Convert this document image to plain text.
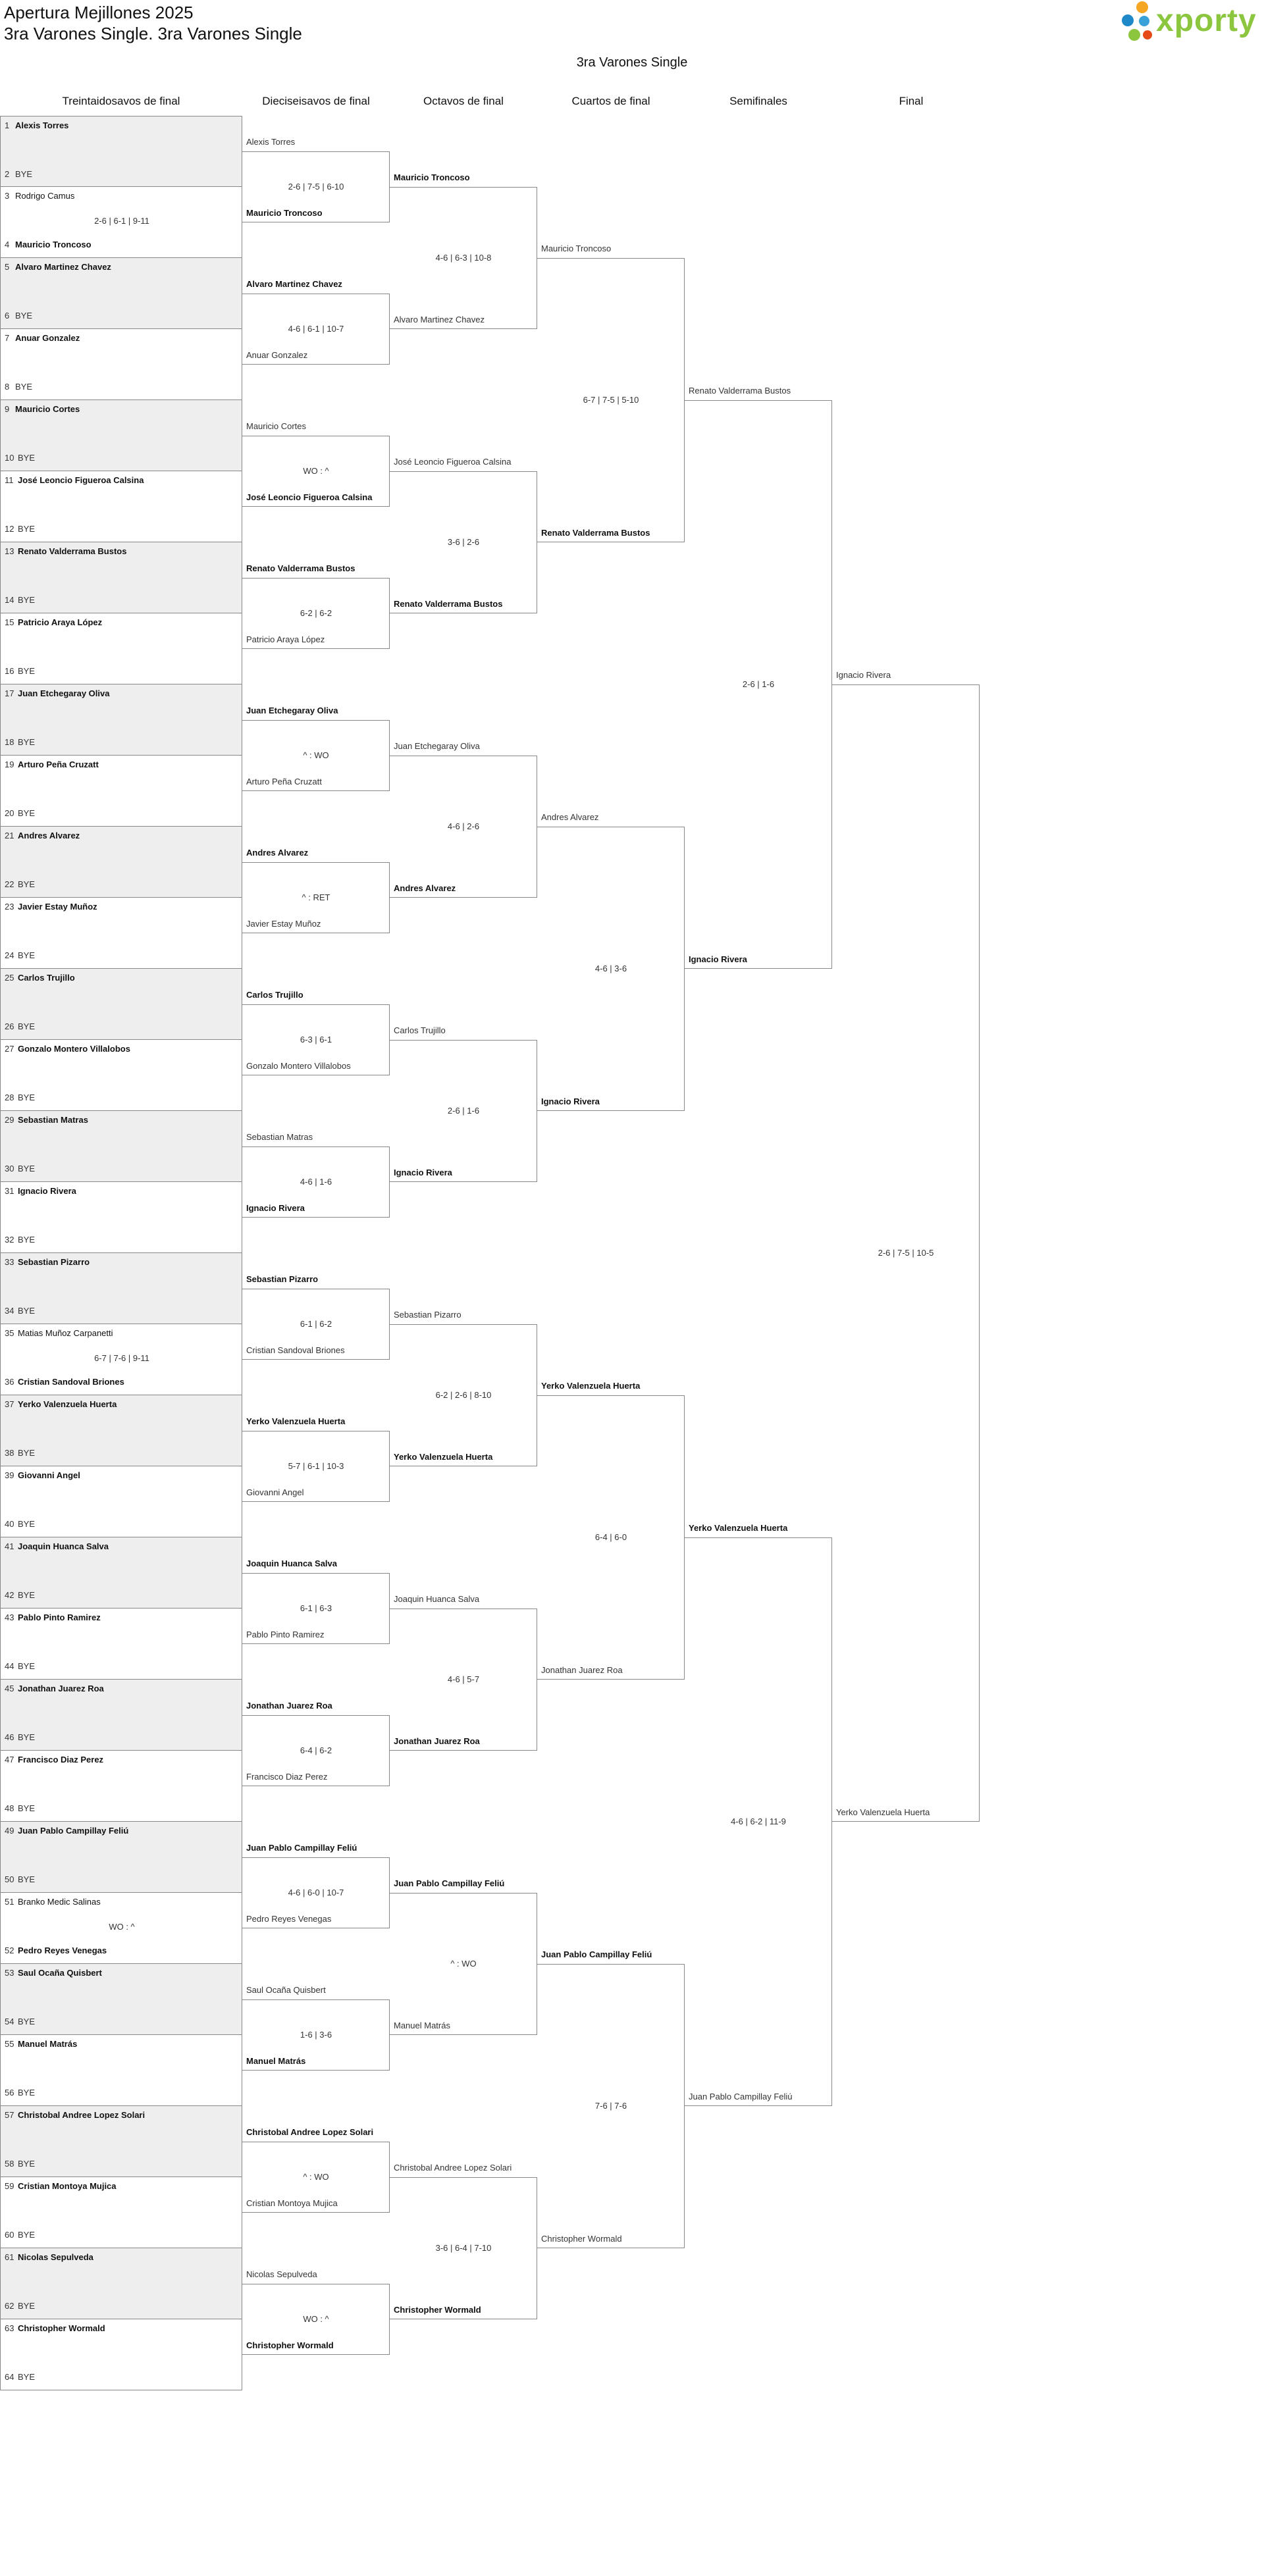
Apertura Mejillones 2025
3ra Varones Single. 3ra Varones Single	xporty
3ra Varones Single
Treintaidosavos de final	Dieciseisavos de final	Octavos de final	Cuartos de final	Semifinales	Final
1 Alexis Torres
2 BYE
3 Rodrigo Camus
4 Mauricio Troncoso
2-6 | 6-1 | 9-11
5 Alvaro Martinez Chavez
6 BYE
7 Anuar Gonzalez
8 BYE
9 Mauricio Cortes
10 BYE
11 José Leoncio Figueroa Calsina
12 BYE
13 Renato Valderrama Bustos
14 BYE
15 Patricio Araya López
16 BYE
17 Juan Etchegaray Oliva
18 BYE
19 Arturo Peña Cruzatt
20 BYE
21 Andres Alvarez
22 BYE
23 Javier Estay Muñoz
24 BYE
25 Carlos Trujillo
26 BYE
27 Gonzalo Montero Villalobos
28 BYE
29 Sebastian Matras
30 BYE
31 Ignacio Rivera
32 BYE
33 Sebastian Pizarro
34 BYE
35 Matias Muñoz Carpanetti
36 Cristian Sandoval Briones
6-7 | 7-6 | 9-11
37 Yerko Valenzuela Huerta
38 BYE
39 Giovanni Angel
40 BYE
41 Joaquin Huanca Salva
42 BYE
43 Pablo Pinto Ramirez
44 BYE
45 Jonathan Juarez Roa
46 BYE
47 Francisco Diaz Perez
48 BYE
49 Juan Pablo Campillay Feliú
50 BYE
51 Branko Medic Salinas
52 Pedro Reyes Venegas
WO : ^
53 Saul Ocaña Quisbert
54 BYE
55 Manuel Matrás
56 BYE
57 Christobal Andree Lopez Solari
58 BYE
59 Cristian Montoya Mujica
60 BYE
61 Nicolas Sepulveda
62 BYE
63 Christopher Wormald
64 BYE
Alexis Torres
Mauricio Troncoso
2-6 | 7-5 | 6-10
Alvaro Martinez Chavez
Anuar Gonzalez
4-6 | 6-1 | 10-7
Mauricio Cortes
José Leoncio Figueroa Calsina
WO : ^
Renato Valderrama Bustos
Patricio Araya López
6-2 | 6-2
Juan Etchegaray Oliva
Arturo Peña Cruzatt
^ : WO
Andres Alvarez
Javier Estay Muñoz
^ : RET
Carlos Trujillo
Gonzalo Montero Villalobos
6-3 | 6-1
Sebastian Matras
Ignacio Rivera
4-6 | 1-6
Sebastian Pizarro
Cristian Sandoval Briones
6-1 | 6-2
Yerko Valenzuela Huerta
Giovanni Angel
5-7 | 6-1 | 10-3
Joaquin Huanca Salva
Pablo Pinto Ramirez
6-1 | 6-3
Jonathan Juarez Roa
Francisco Diaz Perez
6-4 | 6-2
Juan Pablo Campillay Feliú
Pedro Reyes Venegas
4-6 | 6-0 | 10-7
Saul Ocaña Quisbert
Manuel Matrás
1-6 | 3-6
Christobal Andree Lopez Solari
Cristian Montoya Mujica
^ : WO
Nicolas Sepulveda
Christopher Wormald
WO : ^
Mauricio Troncoso
Alvaro Martinez Chavez
4-6 | 6-3 | 10-8
José Leoncio Figueroa Calsina
Renato Valderrama Bustos
3-6 | 2-6
Juan Etchegaray Oliva
Andres Alvarez
4-6 | 2-6
Carlos Trujillo
Ignacio Rivera
2-6 | 1-6
Sebastian Pizarro
Yerko Valenzuela Huerta
6-2 | 2-6 | 8-10
Joaquin Huanca Salva
Jonathan Juarez Roa
4-6 | 5-7
Juan Pablo Campillay Feliú
Manuel Matrás
^ : WO
Christobal Andree Lopez Solari
Christopher Wormald
3-6 | 6-4 | 7-10
Mauricio Troncoso
Renato Valderrama Bustos
6-7 | 7-5 | 5-10
Andres Alvarez
Ignacio Rivera
4-6 | 3-6
Yerko Valenzuela Huerta
Jonathan Juarez Roa
6-4 | 6-0
Juan Pablo Campillay Feliú
Christopher Wormald
7-6 | 7-6
Renato Valderrama Bustos
Ignacio Rivera
2-6 | 1-6
Yerko Valenzuela Huerta
Juan Pablo Campillay Feliú
4-6 | 6-2 | 11-9
Ignacio Rivera
Yerko Valenzuela Huerta
2-6 | 7-5 | 10-5
